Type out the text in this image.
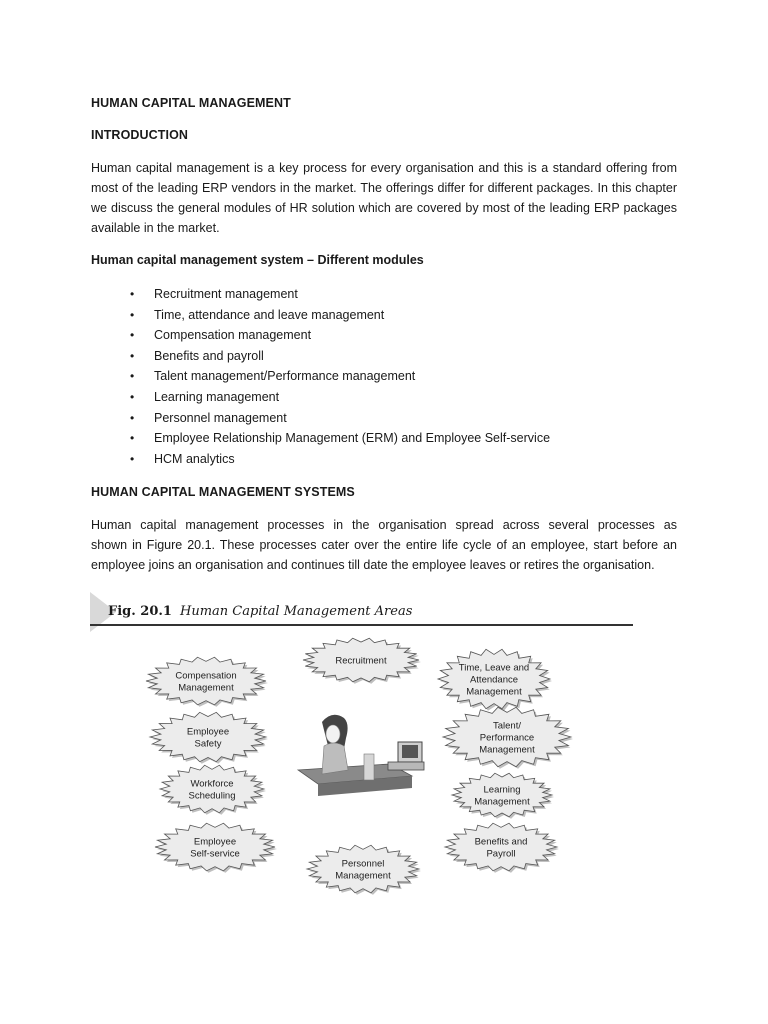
HUMAN CAPITAL MANAGEMENT
INTRODUCTION
Human capital management is a key process for every organisation and this is a standard offering from
most of the leading ERP vendors in the market. The offerings differ for different packages. In this chapter
we discuss the general modules of HR solution which are covered by most of the leading ERP packages
available in the market.
Human capital management system – Different modules
• Recruitment management
• Time, attendance and leave management
• Compensation management
• Benefits and payroll
• Talent management/Performance management
• Learning management
• Personnel management
• Employee Relationship Management (ERM) and Employee Self-service
• HCM analytics
HUMAN CAPITAL MANAGEMENT SYSTEMS
Human capital management processes in the organisation spread across several processes as
shown in Figure 20.1. These processes cater over the entire life cycle of an employee, start before an
employee joins an organisation and continues till date the employee leaves or retires the organisation.
Fig. 20.1 Human Capital Management Areas
Compensation
Management
Recruitment
Time, Leave and
Attendance
Management
Employee
Safety
Talent/
Performance
Management
Workforce
Scheduling
Learning
Management
Employee
Self-service
Benefits and
Payroll
Personnel
Management
